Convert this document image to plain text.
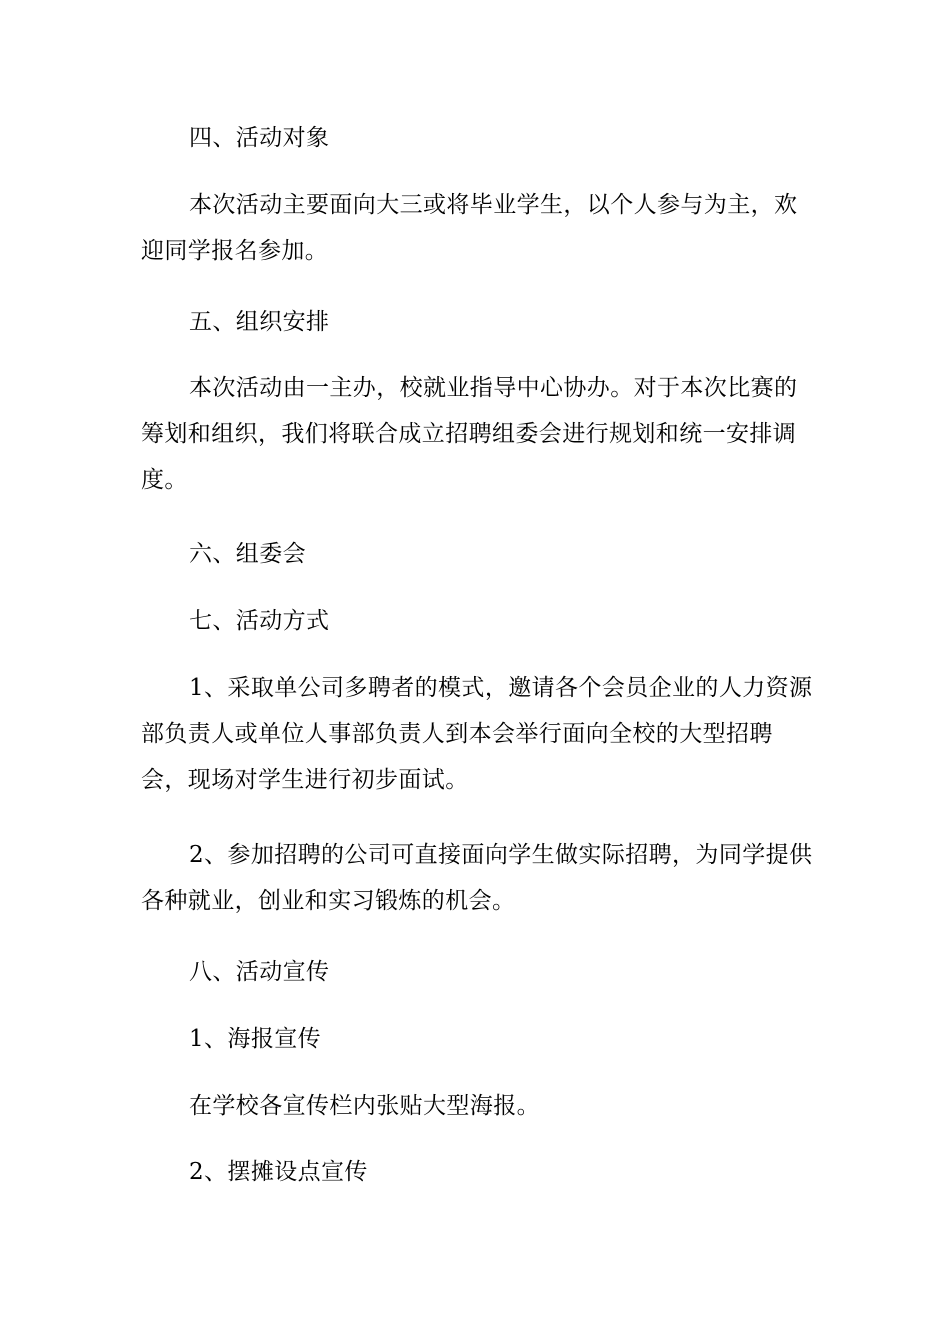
四、活动对象

本次活动主要面向大三或将毕业学生，以个人参与为主，欢迎同学报名参加。

五、组织安排

本次活动由一主办，校就业指导中心协办。对于本次比赛的筹划和组织，我们将联合成立招聘组委会进行规划和统一安排调度。

六、组委会

七、活动方式

1、采取单公司多聘者的模式，邀请各个会员企业的人力资源部负责人或单位人事部负责人到本会举行面向全校的大型招聘会，现场对学生进行初步面试。

2、参加招聘的公司可直接面向学生做实际招聘，为同学提供各种就业，创业和实习锻炼的机会。

八、活动宣传

1、海报宣传

在学校各宣传栏内张贴大型海报。

2、摆摊设点宣传
